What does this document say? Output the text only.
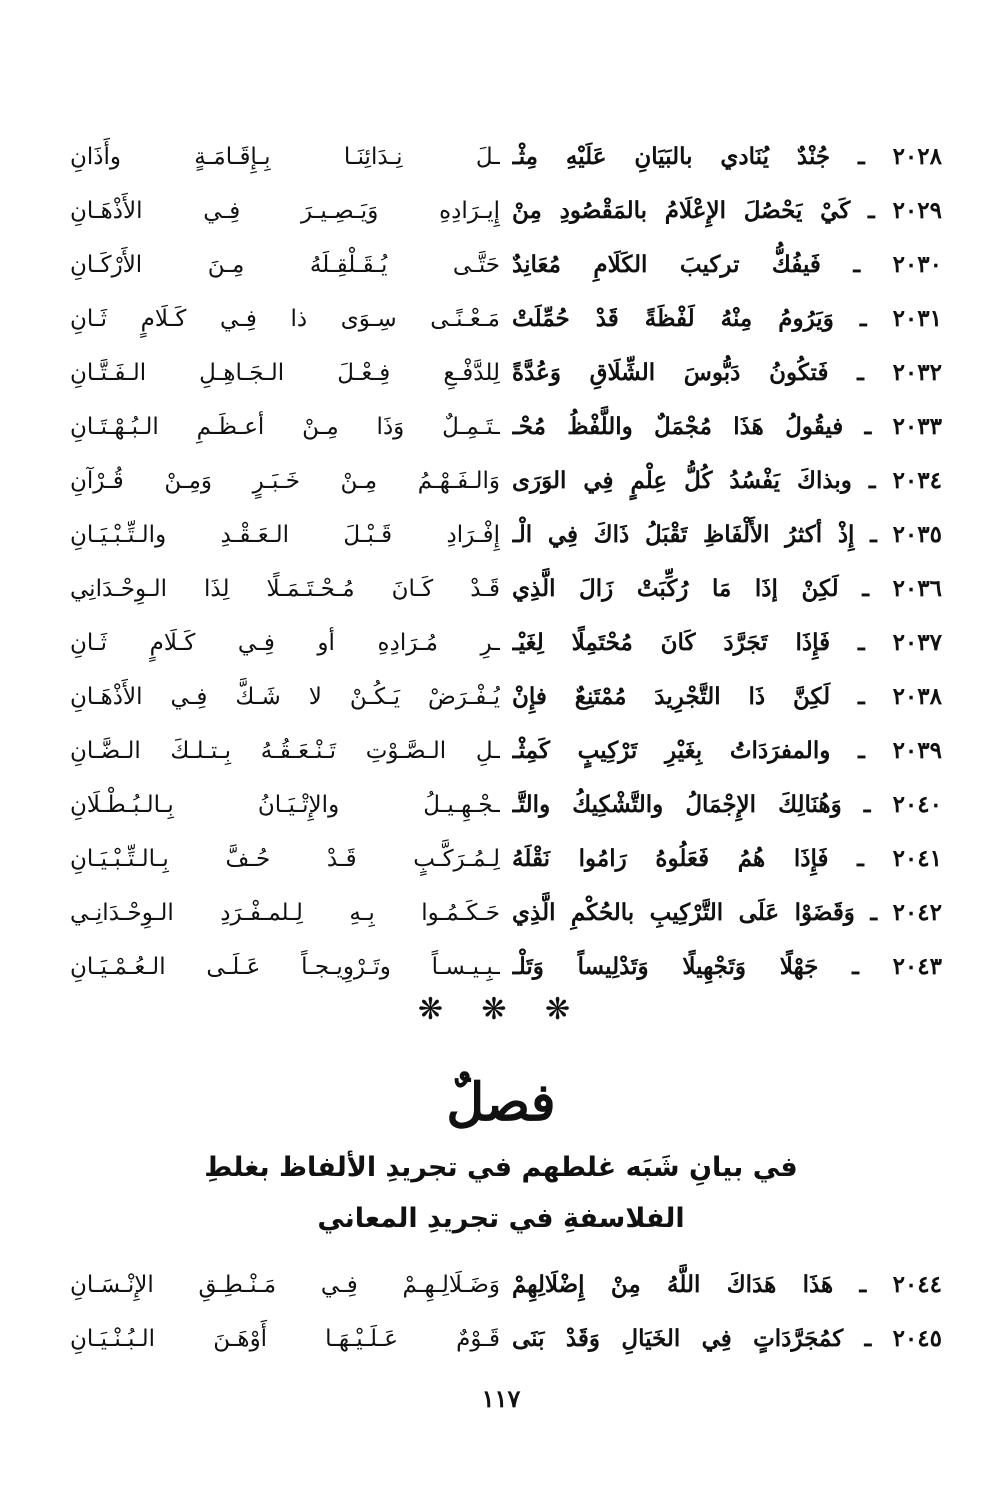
٢٠٢٨ ـ جُنْدٌ يُنَادي بالبَيَانِ عَلَيْهِ مِثْـ
ـلَ نِـدَائِنَـا بِـإِقَـامَـةٍ وأَذَانِ
٢٠٢٩ ـ كَيْ يَحْصُلَ الإِعْلَامُ بالمَقْصُودِ مِنْ
إِيـرَادِهِ وَيَـصِـيـرَ فِـي الأَذْهَـانِ
٢٠٣٠ ـ فَيفُكُّ تركيبَ الكَلَامِ مُعَانِدٌ
حَتَّـى يُـقَـلْقِـلَهُ مِـنَ الأَرْكَـانِ
٢٠٣١ ـ وَيَرُومُ مِنْهُ لَفْظَةً قَدْ حُمِّلَتْ
مَـعْـنًـى سِـوَى ذا فِـي كَـلَامٍ ثَـانِ
٢٠٣٢ ـ فَتكُونُ دَبُّوسَ الشِّلَاقِ وَعُدَّةً
لِلدَّفْـعِ فِـعْـلَ الـجَـاهِـلِ الـفَـتَّـانِ
٢٠٣٣ ـ فيقُولُ هَذَا مُجْمَلٌ واللَّفْظُ مُحْـ
ـتَـمِـلٌ وَذَا مِـنْ أعـظَـمِ الـبُـهْـتَـانِ
٢٠٣٤ ـ وبذاكَ يَفْسُدُ كُلُّ عِلْمٍ فِي الوَرَى
وَالـفَـهْـمُ مِـنْ خَـبَـرٍ وَمِـنْ قُـرْآنِ
٢٠٣٥ ـ إِذْ أكثرُ الأَلْفَاظِ تَقْبَلُ ذَاكَ فِي الْـ
إِفْـرَادِ قَـبْـلَ الـعَـقْـدِ والـتِّـبْـيَـانِ
٢٠٣٦ ـ لَكِنْ إذَا مَا رُكِّبَتْ زَالَ الَّذِي
قَـدْ كَـانَ مُـحْـتَـمَـلًا لِذَا الـوِحْـدَانِي
٢٠٣٧ ـ فَإِذَا تَجَرَّدَ كَانَ مُحْتَمِلًا لِغَيْـ
ـرِ مُـرَادِهِ أو فِـي كَـلَامٍ ثَـانِ
٢٠٣٨ ـ لَكِنَّ ذَا التَّجْرِيدَ مُمْتَنِعٌ فإِنْ
يُـفْـرَضْ يَـكُـنْ لا شَـكَّ فِـي الأَذْهَـانِ
٢٠٣٩ ـ والمفرَدَاتُ بِغَيْرِ تَرْكِيبٍ كَمِثْـ
ـلِ الـصَّـوْتِ تَـنْـعَـقُـهُ بِـتـلـكَ الـضَّـانِ
٢٠٤٠ ـ وَهُنَالِكَ الإِجْمَالُ والتَّشْكِيكُ والتَّـ
ـجْـهِـيـلُ والإِتْـيَـانُ بِـالـبُـطْـلَانِ
٢٠٤١ ـ فَإِذَا هُمُ فَعَلُوهُ رَامُوا نَقْلَهُ
لِـمُـرَكَّـبٍ قَـدْ حُـفَّ بِـالـتِّـبْـيَـانِ
٢٠٤٢ ـ وَقَضَوْا عَلَى التَّرْكِيبِ بالحُكْمِ الَّذِي
حَـكَـمُـوا بِـهِ لِـلمـفْـرَدِ الـوِحْـدَانِـي
٢٠٤٣ ـ جَهْلًا وَتَجْهِيلًا وَتَدْلِيساً وَتَلْـ
ـبِـيـسـاً وتَـرْوِيـجـاً عَـلَـى الـعُـمْـيَـانِ
❋ ❋ ❋
فصلٌ
في بيانِ شَبَه غلطهم في تجريدِ الألفاظ بغلطِ
الفلاسفةِ في تجريدِ المعاني
٢٠٤٤ ـ هَذَا هَدَاكَ اللَّهُ مِنْ إِضْلَالِهِمْ
وَضَـلَالِـهِـمْ فِـي مَـنْـطِـقِ الإِنْـسَـانِ
٢٠٤٥ ـ كمُجَرَّدَاتٍ فِي الخَيَالِ وَقَدْ بَنَى
قَـوْمٌ عَـلَـيْـهَـا أَوْهَـنَ الـبُـنْـيَـانِ
١١٧
